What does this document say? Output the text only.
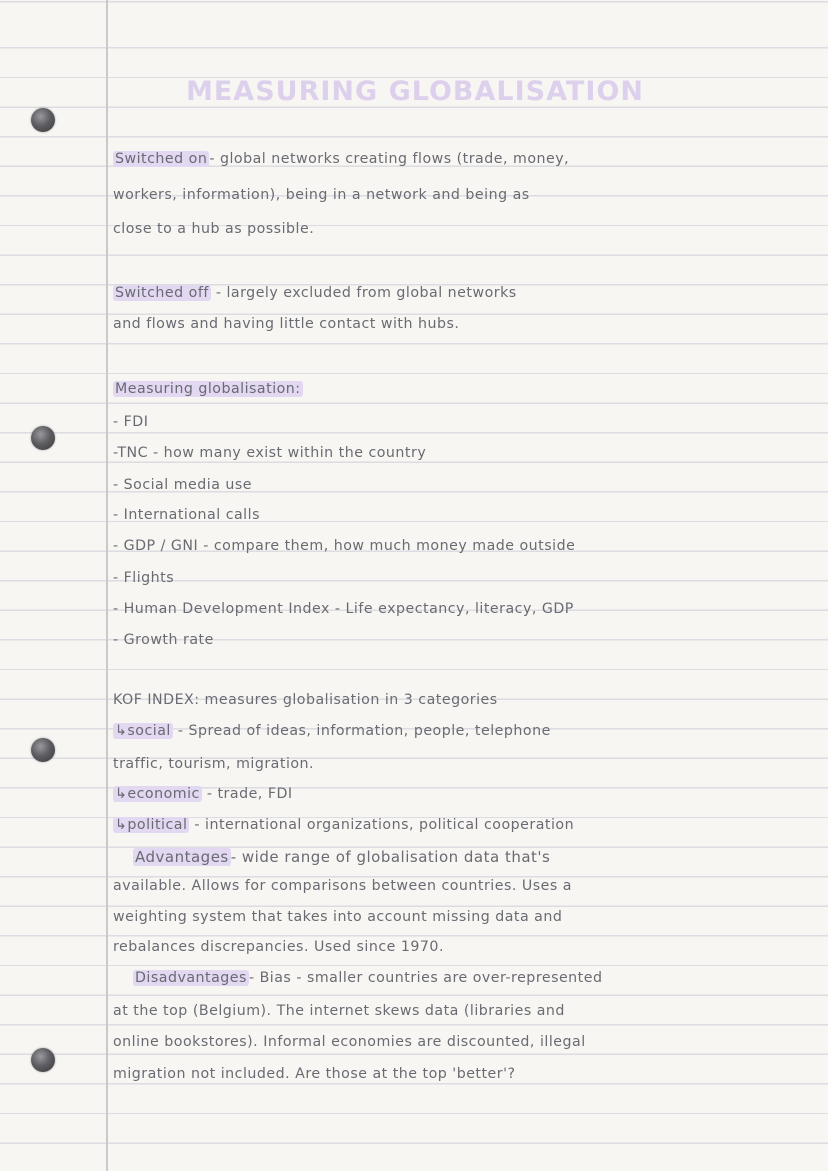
MEASURING GLOBALISATION
Switched on - global networks creating flows (trade, money,
workers, information), being in a network and being as
close to a hub as possible.
Switched off - largely excluded from global networks
and flows and having little contact with hubs.
Measuring globalisation:
- FDI
-TNC - how many exist within the country
- Social media use
- International calls
- GDP / GNI - compare them, how much money made outside
- Flights
- Human Development Index - Life expectancy, literacy, GDP
- Growth rate
KOF INDEX: measures globalisation in 3 categories
↳social - Spread of ideas, information, people, telephone
traffic, tourism, migration.
↳economic - trade, FDI
↳political - international organizations, political cooperation
Advantages - wide range of globalisation data that's
available. Allows for comparisons between countries. Uses a
weighting system that takes into account missing data and
rebalances discrepancies. Used since 1970.
Disadvantages - Bias - smaller countries are over-represented
at the top (Belgium). The internet skews data (libraries and
online bookstores). Informal economies are discounted, illegal
migration not included. Are those at the top 'better'?
